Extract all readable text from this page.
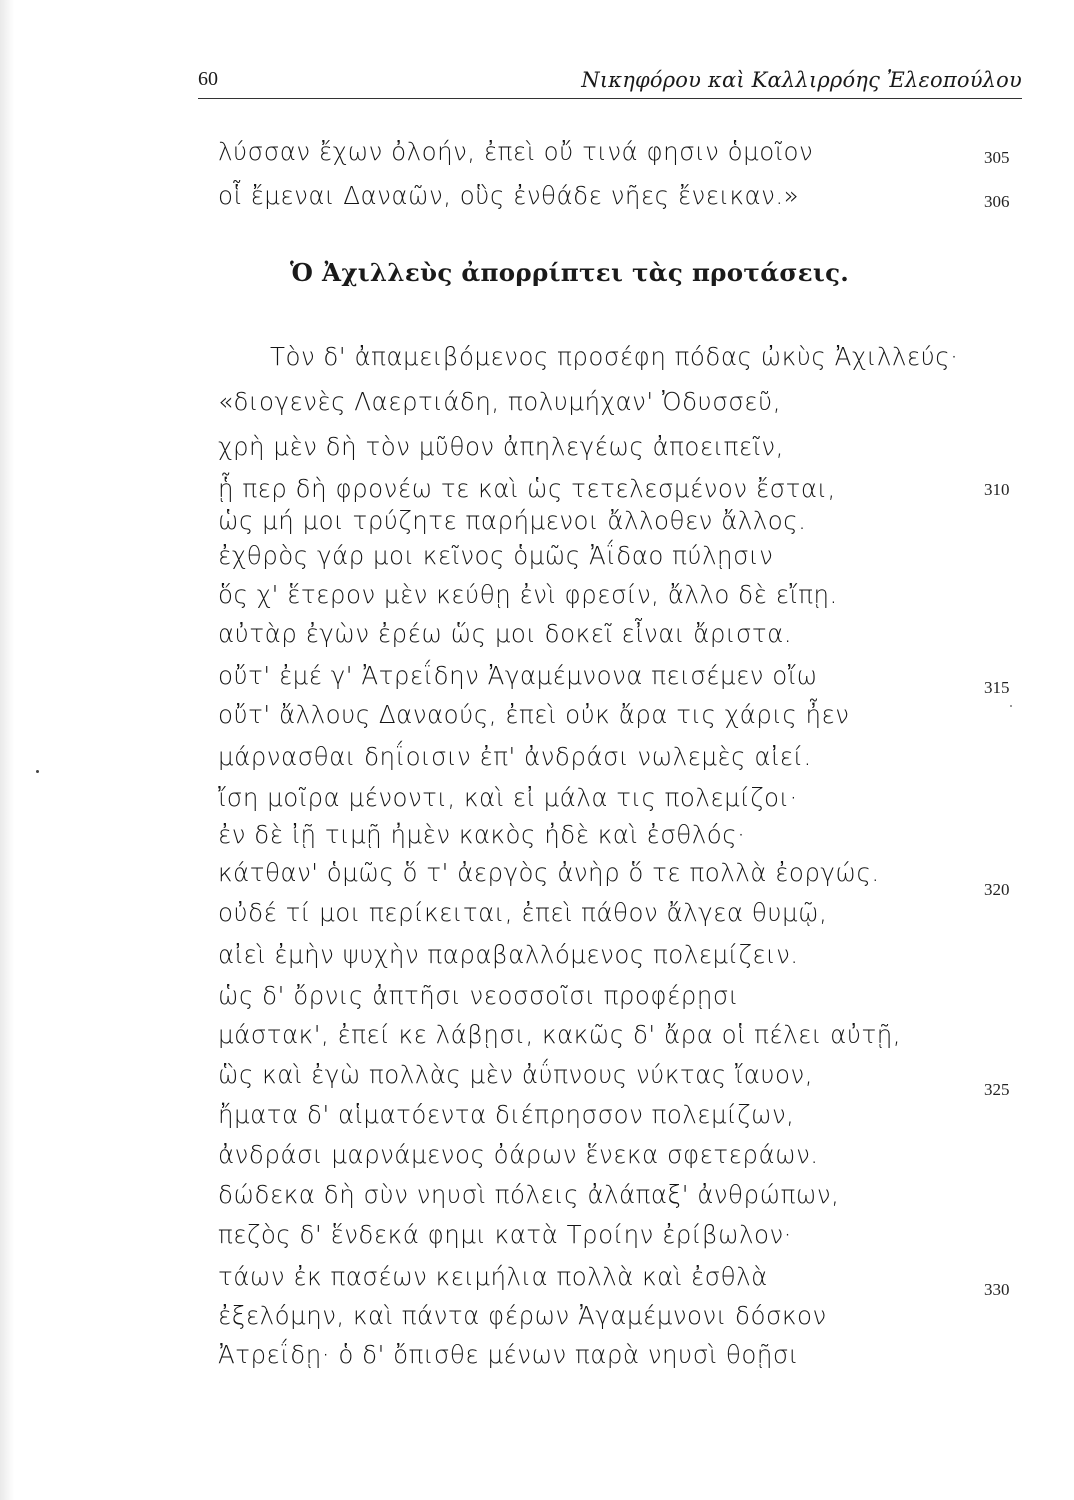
60	Νικηφόρου καὶ Καλλιρρόης Ἐλεοπούλου
λύσσαν ἔχων ὀλοήν, ἐπεὶ οὔ τινά φησιν ὁμοῖον	305
οἷ ἔμεναι Δαναῶν, οὓς ἐνθάδε νῆες ἔνεικαν.»	306
Ὁ Ἀχιλλεὺς ἀπορρίπτει τὰς προτάσεις.
Τὸν δ' ἀπαμειβόμενος προσέφη πόδας ὠκὺς Ἀχιλλεύς·
«διογενὲς Λαερτιάδη, πολυμήχαν' Ὀδυσσεῦ,
χρὴ μὲν δὴ τὸν μῦθον ἀπηλεγέως ἀποειπεῖν,
ᾗ περ δὴ φρονέω τε καὶ ὡς τετελεσμένον ἔσται,	310
ὡς μή μοι τρύζητε παρήμενοι ἄλλοθεν ἄλλος.
ἐχθρὸς γάρ μοι κεῖνος ὁμῶς Ἀΐδαο πύλῃσιν
ὅς χ' ἕτερον μὲν κεύθῃ ἐνὶ φρεσίν, ἄλλο δὲ εἴπῃ.
αὐτὰρ ἐγὼν ἐρέω ὥς μοι δοκεῖ εἶναι ἄριστα.
οὔτ' ἐμέ γ' Ἀτρεΐδην Ἀγαμέμνονα πεισέμεν οἴω	315
οὔτ' ἄλλους Δαναούς, ἐπεὶ οὐκ ἄρα τις χάρις ἦεν
μάρνασθαι δηΐοισιν ἐπ' ἀνδράσι νωλεμὲς αἰεί.
ἴση μοῖρα μένοντι, καὶ εἰ μάλα τις πολεμίζοι·
ἐν δὲ ἰῇ τιμῇ ἠμὲν κακὸς ἠδὲ καὶ ἐσθλός·
κάτθαν' ὁμῶς ὅ τ' ἀεργὸς ἀνὴρ ὅ τε πολλὰ ἐοργώς.
320
οὐδέ τί μοι περίκειται, ἐπεὶ πάθον ἄλγεα θυμῷ,
αἰεὶ ἐμὴν ψυχὴν παραβαλλόμενος πολεμίζειν.
ὡς δ' ὄρνις ἀπτῆσι νεοσσοῖσι προφέρῃσι
μάστακ', ἐπεί κε λάβῃσι, κακῶς δ' ἄρα οἱ πέλει αὐτῇ,
ὣς καὶ ἐγὼ πολλὰς μὲν ἀΰπνους νύκτας ἴαυον,
325
ἤματα δ' αἱματόεντα διέπρησσον πολεμίζων,
ἀνδράσι μαρνάμενος ὀάρων ἕνεκα σφετεράων.
δώδεκα δὴ σὺν νηυσὶ πόλεις ἀλάπαξ' ἀνθρώπων,
πεζὸς δ' ἕνδεκά φημι κατὰ Τροίην ἐρίβωλον·
τάων ἐκ πασέων κειμήλια πολλὰ καὶ ἐσθλὰ	330
ἐξελόμην, καὶ πάντα φέρων Ἀγαμέμνονι δόσκον
Ἀτρεΐδῃ· ὁ δ' ὄπισθε μένων παρὰ νηυσὶ θοῇσι
